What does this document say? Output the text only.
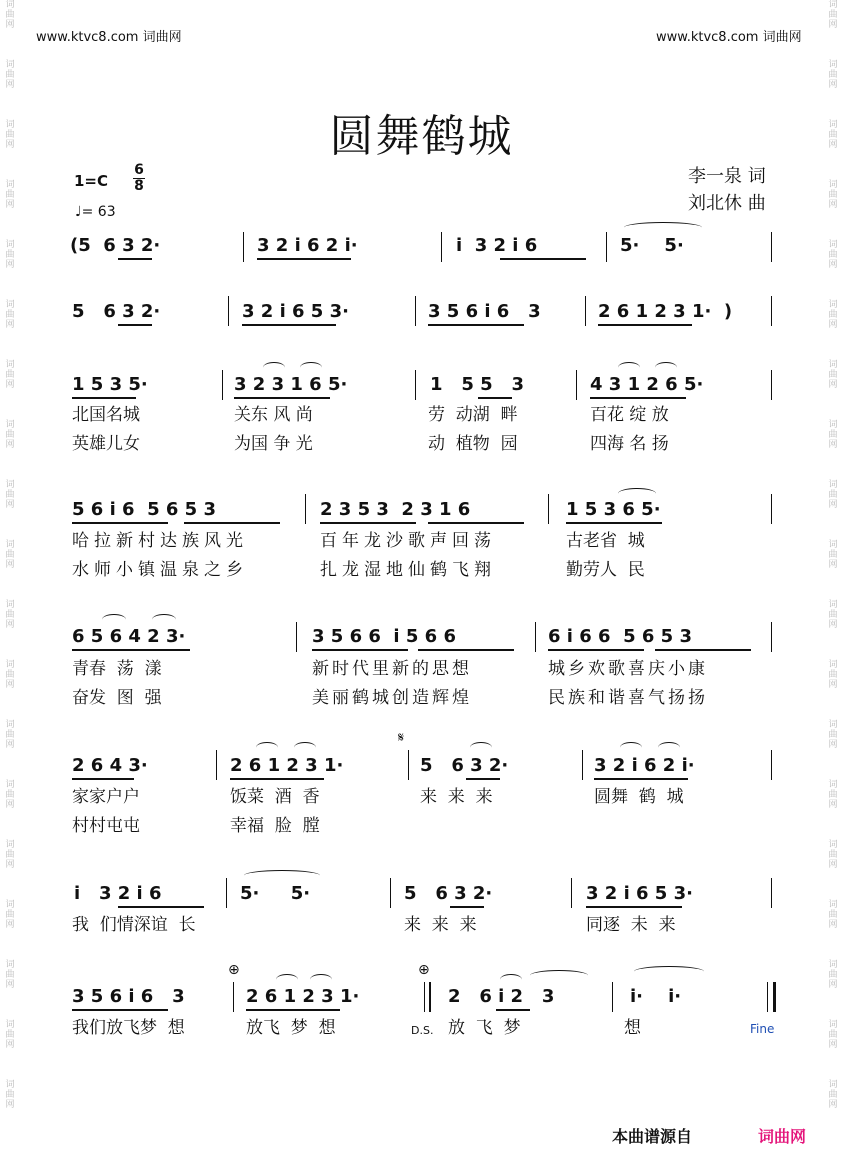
词
曲
网
词
曲
网
词
曲
网
词
曲
网
词
曲
网
词
曲
网
词
曲
网
词
曲
网
词
曲
网
词
曲
网
词
曲
网
词
曲
网
词
曲
网
词
曲
网
词
曲
网
词
曲
网
词
曲
网
词
曲
网
词
曲
网
词
曲
网
词
曲
网
词
曲
网
词
曲
网
词
曲
网
词
曲
网
词
曲
网
词
曲
网
词
曲
网
词
曲
网
词
曲
网
词
曲
网
词
曲
网
词
曲
网
词
曲
网
词
曲
网
词
曲
网
词
曲
网
词
曲
网
www.ktvc8.com 词曲网	www.ktvc8.com 词曲网
圆舞鹤城
$1=C \frac{6}{8}$
♩= 63
李一泉 词
刘北休 曲
(5  6 3 2·	3 2 i 6 2 i·	i  3 2 i 6	5·    5·
5   6 3 2·	3 2 i 6 5 3·	3 5 6 i 6   3	2 6 1 2 3 1·  )
1 5 3 5·	3 2 3 1 6 5·	1   5 5   3	4 3 1 2 6 5·
北国名城	关东 风 尚	劳  动湖  畔	百花 绽 放
英雄儿女	为国 争 光	动  植物  园	四海 名 扬
5 6 i 6  5 6 5 3	2 3 5 3  2 3 1 6	1 5 3 6 5·
哈拉新村达族风光	百年龙沙歌声回荡	古老省  城
水师小镇温泉之乡	扎龙湿地仙鹤飞翔	勤劳人  民
6 5 6 4 2 3·	3 5 6 6  i 5 6 6	6 i 6 6  5 6 5 3
青春  荡  漾	新时代里新的思想	城乡欢歌喜庆小康
奋发  图  强	美丽鹤城创造辉煌	民族和谐喜气扬扬
𝄋
2 6 4 3·	2 6 1 2 3 1·	5   6 3 2·	3 2 i 6 2 i·
家家户户	饭菜  酒  香	来  来  来	圆舞  鹤  城
村村屯屯	幸福  脸  膛
i   3 2 i 6	5·     5·	5   6 3 2·	3 2 i 6 5 3·
我  们情深谊  长	来  来  来	同逐  未  来
⊕	⊕
3 5 6 i 6   3	2 6 1 2 3 1·	2   6 i 2   3	i·    i·
我们放飞梦  想	放飞  梦  想	D.S. 放  飞  梦	想	Fine
本曲谱源自	词曲网
